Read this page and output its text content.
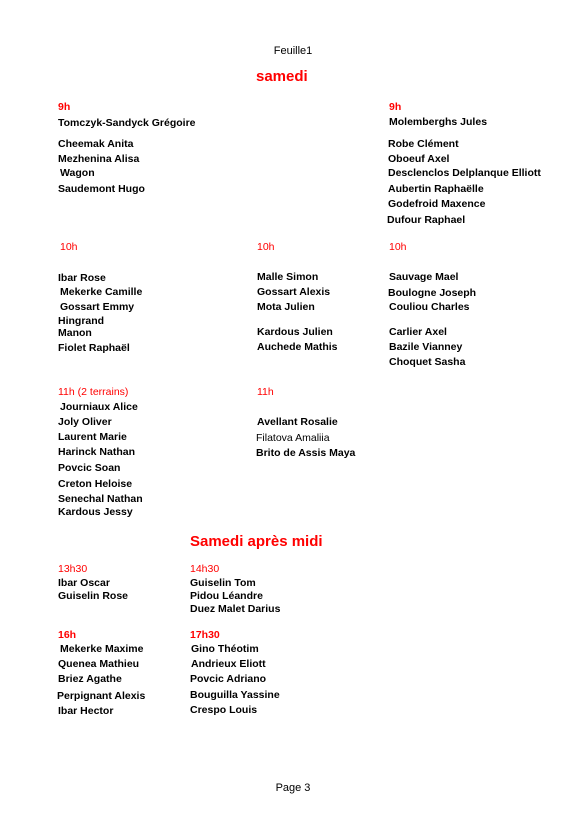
Feuille1
samedi
9h
Tomczyk-Sandyck Grégoire
Cheemak Anita
Mezhenina Alisa
Wagon
Saudemont Hugo
9h
Molemberghs Jules
Robe Clément
Oboeuf Axel
Desclenclos Delplanque Elliott
Aubertin Raphaëlle
Godefroid Maxence
Dufour Raphael
10h
Ibar Rose
Mekerke Camille
Gossart Emmy
Hingrand
Manon
Fiolet Raphaël
10h
Malle Simon
Gossart Alexis
Mota Julien
Kardous Julien
Auchede Mathis
10h
Sauvage Mael
Boulogne Joseph
Couliou Charles
Carlier Axel
Bazile Vianney
Choquet Sasha
11h (2 terrains)
Journiaux Alice
Joly Oliver
Laurent Marie
Harinck Nathan
Povcic Soan
Creton Heloise
Senechal Nathan
Kardous Jessy
11h
Avellant Rosalie
Filatova Amaliia
Brito de Assis Maya
Samedi après midi
13h30
Ibar Oscar
Guiselin Rose
14h30
Guiselin Tom
Pidou Léandre
Duez Malet Darius
16h
Mekerke Maxime
Quenea Mathieu
Briez Agathe
Perpignant Alexis
Ibar Hector
17h30
Gino Théotim
Andrieux Eliott
Povcic Adriano
Bouguilla Yassine
Crespo Louis
Page 3
